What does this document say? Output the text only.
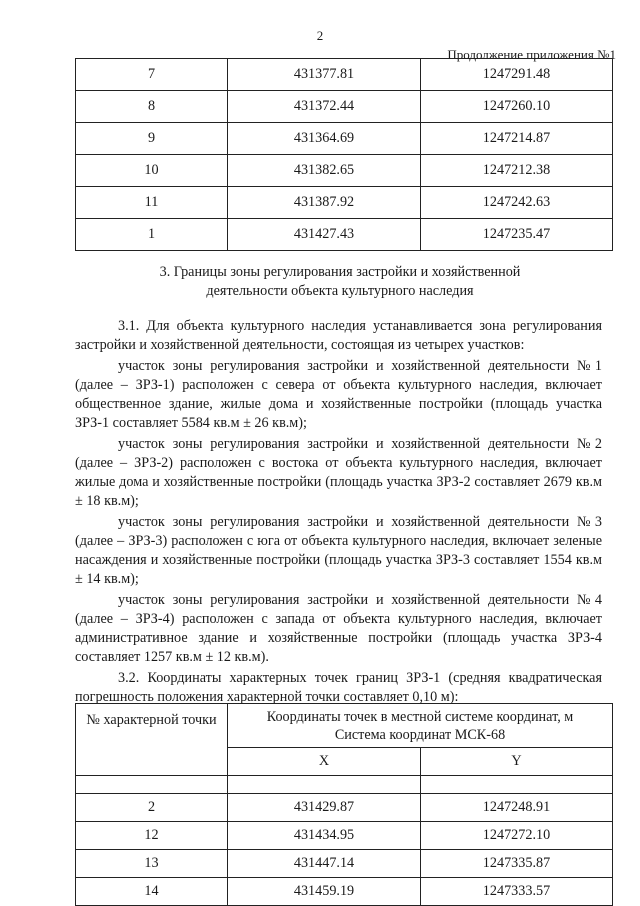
2
Продолжение приложения №1
7	431377.81	1247291.48
8	431372.44	1247260.10
9	431364.69	1247214.87
10	431382.65	1247212.38
11	431387.92	1247242.63
1	431427.43	1247235.47
3. Границы зоны регулирования застройки и хозяйственной
деятельности объекта культурного наследия

3.1. Для объекта культурного наследия устанавливается зона регулирования застройки и хозяйственной деятельности, состоящая из четырех участков:

участок зоны регулирования застройки и хозяйственной деятельности №1 (далее – ЗРЗ-1) расположен с севера от объекта культурного наследия, включает общественное здание, жилые дома и хозяйственные постройки (площадь участка ЗРЗ-1 составляет 5584 кв.м ± 26 кв.м);

участок зоны регулирования застройки и хозяйственной деятельности №2 (далее – ЗРЗ-2) расположен с востока от объекта культурного наследия, включает жилые дома и хозяйственные постройки (площадь участка ЗРЗ-2 составляет 2679 кв.м ± 18 кв.м);

участок зоны регулирования застройки и хозяйственной деятельности №3 (далее – ЗРЗ-3) расположен с юга от объекта культурного наследия, включает зеленые насаждения и хозяйственные постройки (площадь участка ЗРЗ-3 составляет 1554 кв.м ± 14 кв.м);

участок зоны регулирования застройки и хозяйственной деятельности №4 (далее – ЗРЗ-4) расположен с запада от объекта культурного наследия, включает административное здание и хозяйственные постройки (площадь участка ЗРЗ-4 составляет 1257 кв.м ± 12 кв.м).

3.2. Координаты характерных точек границ ЗРЗ-1 (средняя квадратическая погрешность положения характерной точки составляет 0,10 м):

№ характерной точки	Координаты точек в местной системе координат, м
Система координат МСК-68	

	X	Y

2	431429.87	1247248.91
12	431434.95	1247272.10
13	431447.14	1247335.87
14	431459.19	1247333.57
